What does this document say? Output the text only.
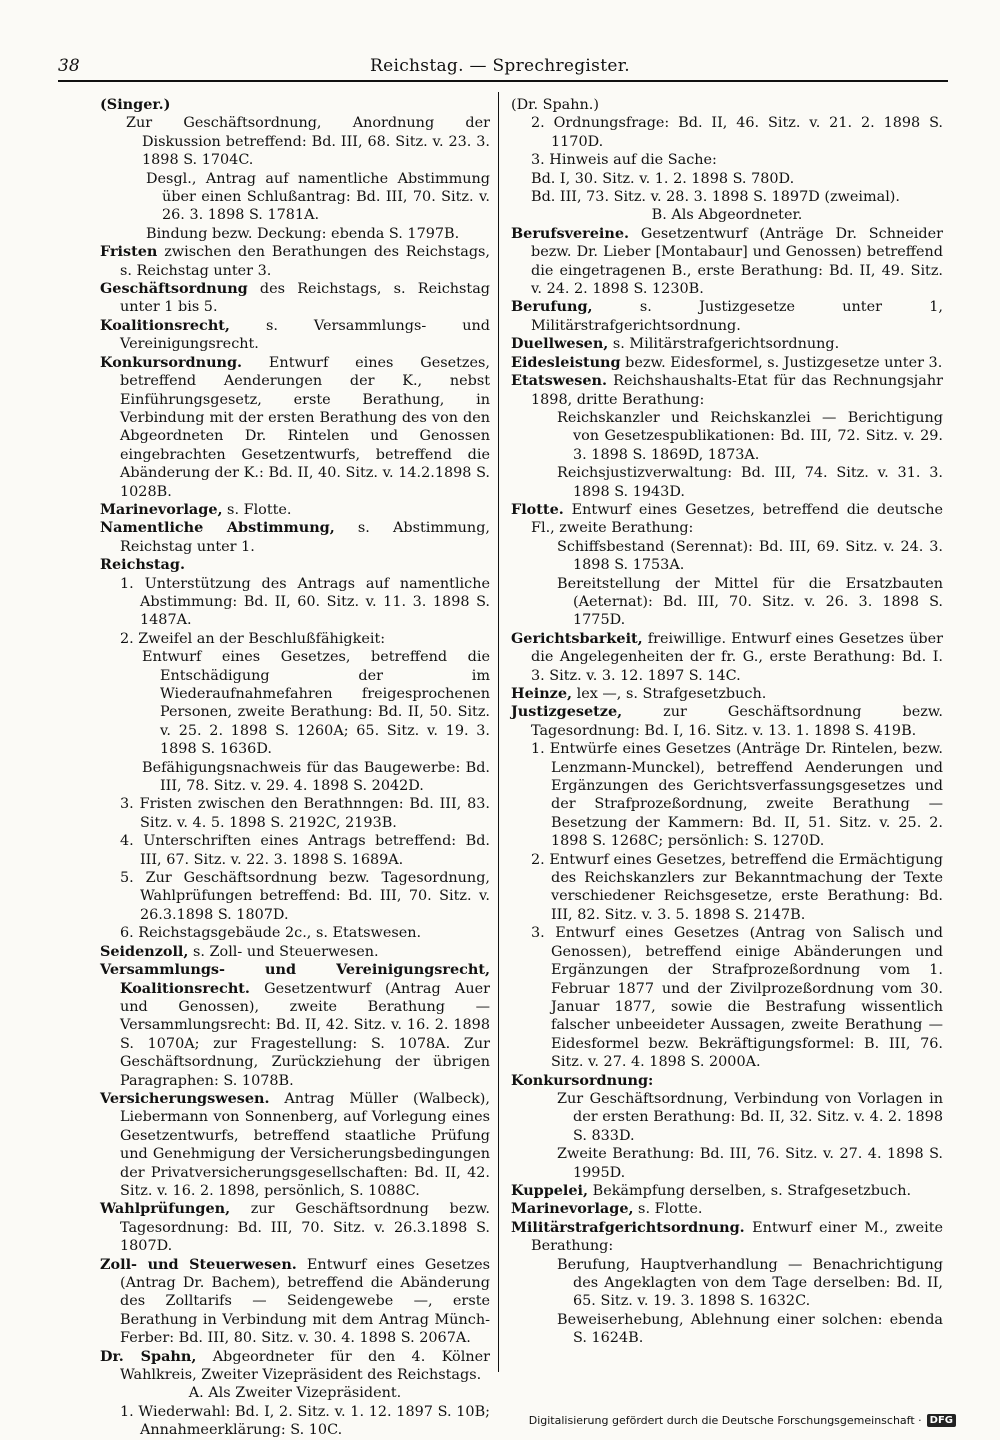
38	Reichstag. — Sprechregister.

(Singer.)

Zur Geschäftsordnung, Anordnung der Diskussion betreffend: Bd. III, 68. Sitz. v. 23. 3. 1898 S. 1704C.

Desgl., Antrag auf namentliche Abstimmung über einen Schlußantrag: Bd. III, 70. Sitz. v. 26. 3. 1898 S. 1781A.

Bindung bezw. Deckung: ebenda S. 1797B.

Fristen zwischen den Berathungen des Reichstags, s. Reichstag unter 3.

Geschäftsordnung des Reichstags, s. Reichstag unter 1 bis 5.

Koalitionsrecht, s. Versammlungs- und Vereinigungsrecht.

Konkursordnung. Entwurf eines Gesetzes, betreffend Aenderungen der K., nebst Einführungsgesetz, erste Berathung, in Verbindung mit der ersten Berathung des von den Abgeordneten Dr. Rintelen und Genossen eingebrachten Gesetzentwurfs, betreffend die Abänderung der K.: Bd. II, 40. Sitz. v. 14.2.1898 S. 1028B.

Marinevorlage, s. Flotte.

Namentliche Abstimmung, s. Abstimmung, Reichstag unter 1.

Reichstag.

1. Unterstützung des Antrags auf namentliche Abstimmung: Bd. II, 60. Sitz. v. 11. 3. 1898 S. 1487A.

2. Zweifel an der Beschlußfähigkeit:

Entwurf eines Gesetzes, betreffend die Entschädigung der im Wiederaufnahmefahren freigesprochenen Personen, zweite Berathung: Bd. II, 50. Sitz. v. 25. 2. 1898 S. 1260A; 65. Sitz. v. 19. 3. 1898 S. 1636D.

Befähigungsnachweis für das Baugewerbe: Bd. III, 78. Sitz. v. 29. 4. 1898 S. 2042D.

3. Fristen zwischen den Berathnngen: Bd. III, 83. Sitz. v. 4. 5. 1898 S. 2192C, 2193B.

4. Unterschriften eines Antrags betreffend: Bd. III, 67. Sitz. v. 22. 3. 1898 S. 1689A.

5. Zur Geschäftsordnung bezw. Tagesordnung, Wahlprüfungen betreffend: Bd. III, 70. Sitz. v. 26.3.1898 S. 1807D.

6. Reichstagsgebäude 2c., s. Etatswesen.

Seidenzoll, s. Zoll- und Steuerwesen.

Versammlungs- und Vereinigungsrecht, Koalitionsrecht. Gesetzentwurf (Antrag Auer und Genossen), zweite Berathung — Versammlungsrecht: Bd. II, 42. Sitz. v. 16. 2. 1898 S. 1070A; zur Fragestellung: S. 1078A. Zur Geschäftsordnung, Zurückziehung der übrigen Paragraphen: S. 1078B.

Versicherungswesen. Antrag Müller (Walbeck), Liebermann von Sonnenberg, auf Vorlegung eines Gesetzentwurfs, betreffend staatliche Prüfung und Genehmigung der Versicherungsbedingungen der Privatversicherungsgesellschaften: Bd. II, 42. Sitz. v. 16. 2. 1898, persönlich, S. 1088C.

Wahlprüfungen, zur Geschäftsordnung bezw. Tagesordnung: Bd. III, 70. Sitz. v. 26.3.1898 S. 1807D.

Zoll- und Steuerwesen. Entwurf eines Gesetzes (Antrag Dr. Bachem), betreffend die Abänderung des Zolltarifs — Seidengewebe —, erste Berathung in Verbindung mit dem Antrag Münch-Ferber: Bd. III, 80. Sitz. v. 30. 4. 1898 S. 2067A.

Dr. Spahn, Abgeordneter für den 4. Kölner Wahlkreis, Zweiter Vizepräsident des Reichstags.

A. Als Zweiter Vizepräsident.

1. Wiederwahl: Bd. I, 2. Sitz. v. 1. 12. 1897 S. 10B; Annahmeerklärung: S. 10C.

(Dr. Spahn.)

2. Ordnungsfrage: Bd. II, 46. Sitz. v. 21. 2. 1898 S. 1170D.

3. Hinweis auf die Sache:

Bd. I, 30. Sitz. v. 1. 2. 1898 S. 780D.

Bd. III, 73. Sitz. v. 28. 3. 1898 S. 1897D (zweimal).

B. Als Abgeordneter.

Berufsvereine. Gesetzentwurf (Anträge Dr. Schneider bezw. Dr. Lieber [Montabaur] und Genossen) betreffend die eingetragenen B., erste Berathung: Bd. II, 49. Sitz. v. 24. 2. 1898 S. 1230B.

Berufung, s. Justizgesetze unter 1, Militärstrafgerichtsordnung.

Duellwesen, s. Militärstrafgerichtsordnung.

Eidesleistung bezw. Eidesformel, s. Justizgesetze unter 3.

Etatswesen. Reichshaushalts-Etat für das Rechnungsjahr 1898, dritte Berathung:

Reichskanzler und Reichskanzlei — Berichtigung von Gesetzespublikationen: Bd. III, 72. Sitz. v. 29. 3. 1898 S. 1869D, 1873A.

Reichsjustizverwaltung: Bd. III, 74. Sitz. v. 31. 3. 1898 S. 1943D.

Flotte. Entwurf eines Gesetzes, betreffend die deutsche Fl., zweite Berathung:

Schiffsbestand (Serennat): Bd. III, 69. Sitz. v. 24. 3. 1898 S. 1753A.

Bereitstellung der Mittel für die Ersatzbauten (Aeternat): Bd. III, 70. Sitz. v. 26. 3. 1898 S. 1775D.

Gerichtsbarkeit, freiwillige. Entwurf eines Gesetzes über die Angelegenheiten der fr. G., erste Berathung: Bd. I. 3. Sitz. v. 3. 12. 1897 S. 14C.

Heinze, lex —, s. Strafgesetzbuch.

Justizgesetze, zur Geschäftsordnung bezw. Tagesordnung: Bd. I, 16. Sitz. v. 13. 1. 1898 S. 419B.

1. Entwürfe eines Gesetzes (Anträge Dr. Rintelen, bezw. Lenzmann-Munckel), betreffend Aenderungen und Ergänzungen des Gerichtsverfassungsgesetzes und der Strafprozeßordnung, zweite Berathung — Besetzung der Kammern: Bd. II, 51. Sitz. v. 25. 2. 1898 S. 1268C; persönlich: S. 1270D.

2. Entwurf eines Gesetzes, betreffend die Ermächtigung des Reichskanzlers zur Bekanntmachung der Texte verschiedener Reichsgesetze, erste Berathung: Bd. III, 82. Sitz. v. 3. 5. 1898 S. 2147B.

3. Entwurf eines Gesetzes (Antrag von Salisch und Genossen), betreffend einige Abänderungen und Ergänzungen der Strafprozeßordnung vom 1. Februar 1877 und der Zivilprozeßordnung vom 30. Januar 1877, sowie die Bestrafung wissentlich falscher unbeeideter Aussagen, zweite Berathung — Eidesformel bezw. Bekräftigungsformel: B. III, 76. Sitz. v. 27. 4. 1898 S. 2000A.

Konkursordnung:

Zur Geschäftsordnung, Verbindung von Vorlagen in der ersten Berathung: Bd. II, 32. Sitz. v. 4. 2. 1898 S. 833D.

Zweite Berathung: Bd. III, 76. Sitz. v. 27. 4. 1898 S. 1995D.

Kuppelei, Bekämpfung derselben, s. Strafgesetzbuch.

Marinevorlage, s. Flotte.

Militärstrafgerichtsordnung. Entwurf einer M., zweite Berathung:

Berufung, Hauptverhandlung — Benachrichtigung des Angeklagten von dem Tage derselben: Bd. II, 65. Sitz. v. 19. 3. 1898 S. 1632C.

Beweiserhebung, Ablehnung einer solchen: ebenda S. 1624B.

Digitalisierung gefördert durch die Deutsche Forschungsgemeinschaft · DFG
